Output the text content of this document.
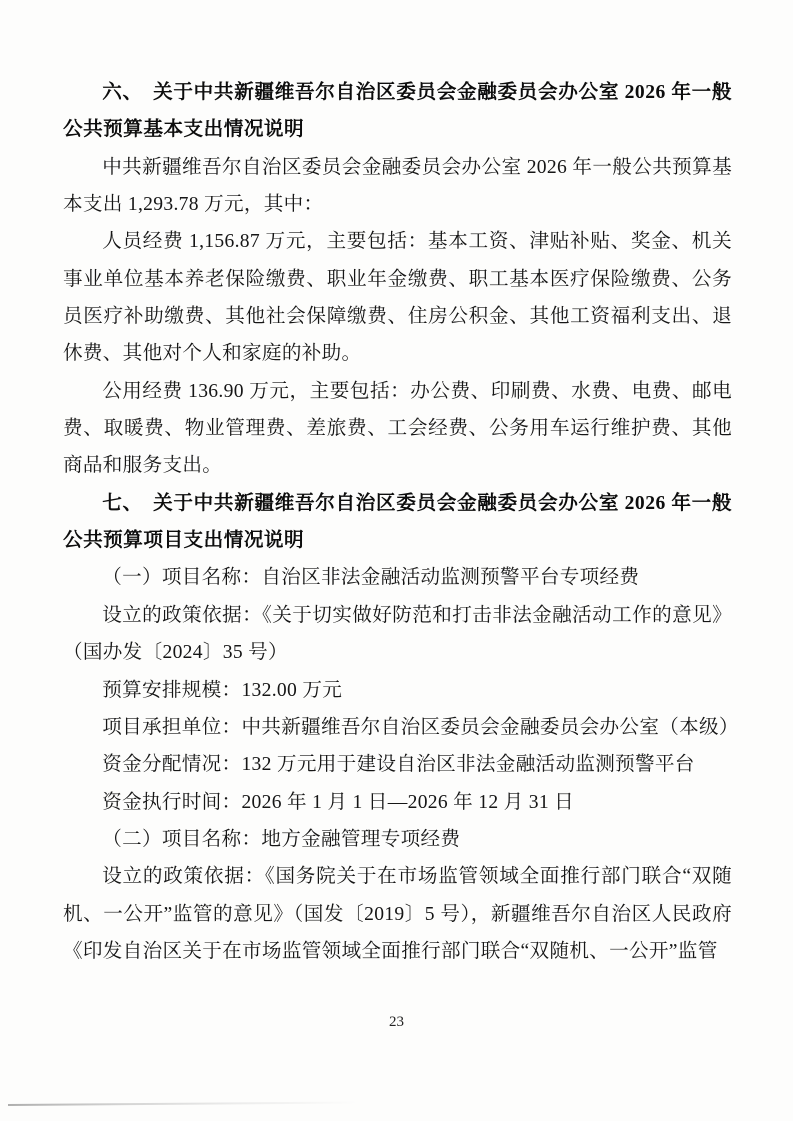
六、　关于中共新疆维吾尔自治区委员会金融委员会办公室 2026 年一般公共预算基本支出情况说明

中共新疆维吾尔自治区委员会金融委员会办公室 2026 年一般公共预算基本支出 1,293.78 万元，其中：

人员经费 1,156.87 万元，主要包括：基本工资、津贴补贴、奖金、机关事业单位基本养老保险缴费、职业年金缴费、职工基本医疗保险缴费、公务员医疗补助缴费、其他社会保障缴费、住房公积金、其他工资福利支出、退休费、其他对个人和家庭的补助。

公用经费 136.90 万元，主要包括：办公费、印刷费、水费、电费、邮电费、取暖费、物业管理费、差旅费、工会经费、公务用车运行维护费、其他商品和服务支出。

七、　关于中共新疆维吾尔自治区委员会金融委员会办公室 2026 年一般公共预算项目支出情况说明

（一）项目名称：自治区非法金融活动监测预警平台专项经费

设立的政策依据：《关于切实做好防范和打击非法金融活动工作的意见》（国办发〔2024〕35 号）

预算安排规模：132.00 万元

项目承担单位：中共新疆维吾尔自治区委员会金融委员会办公室（本级）

资金分配情况：132 万元用于建设自治区非法金融活动监测预警平台

资金执行时间：2026 年 1 月 1 日—2026 年 12 月 31 日

（二）项目名称：地方金融管理专项经费

设立的政策依据：《国务院关于在市场监管领域全面推行部门联合“双随机、一公开”监管的意见》（国发〔2019〕5 号），新疆维吾尔自治区人民政府《印发自治区关于在市场监管领域全面推行部门联合“双随机、一公开”监管

23
